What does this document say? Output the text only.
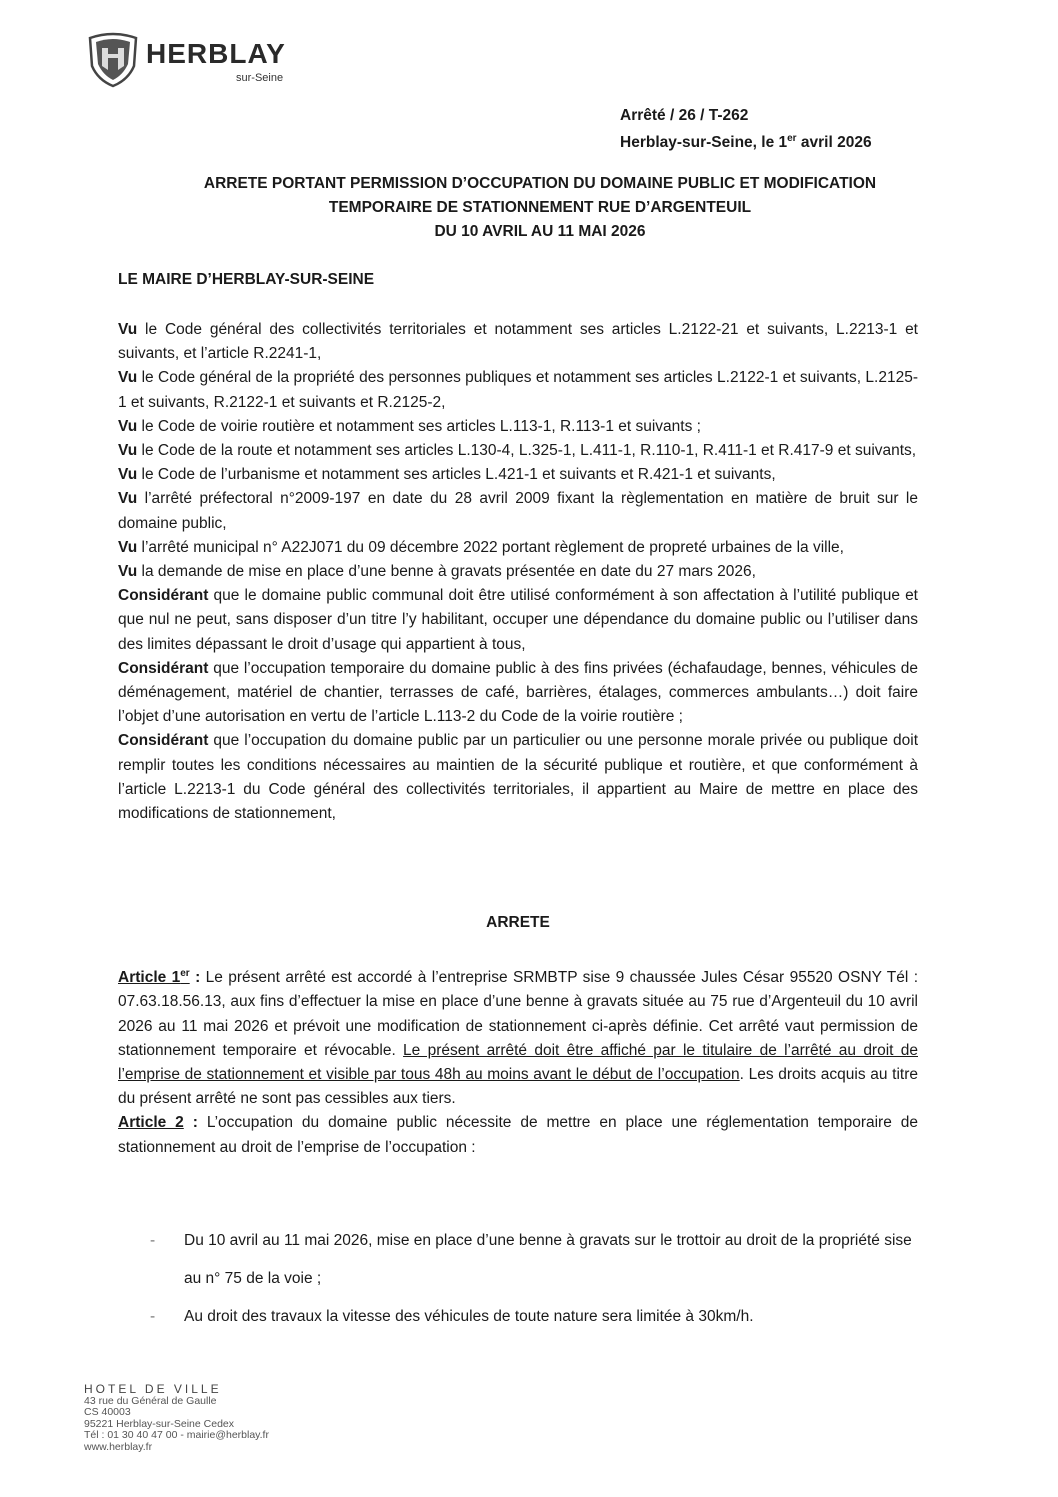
HERBLAY
sur-Seine
Arrêté / 26 / T-262
Herblay-sur-Seine, le 1er avril 2026
ARRETE PORTANT PERMISSION D’OCCUPATION DU DOMAINE PUBLIC ET MODIFICATION
TEMPORAIRE DE STATIONNEMENT RUE D’ARGENTEUIL
DU 10 AVRIL AU 11 MAI 2026
LE MAIRE D’HERBLAY-SUR-SEINE

Vu le Code général des collectivités territoriales et notamment ses articles L.2122-21 et suivants, L.2213-1 et suivants, et l’article R.2241-1,

Vu le Code général de la propriété des personnes publiques et notamment ses articles L.2122-1 et suivants, L.2125-1 et suivants, R.2122-1 et suivants et R.2125-2,

Vu le Code de voirie routière et notamment ses articles L.113-1, R.113-1 et suivants ;

Vu le Code de la route et notamment ses articles L.130-4, L.325-1, L.411-1, R.110-1, R.411-1 et R.417-9 et suivants,

Vu le Code de l’urbanisme et notamment ses articles L.421-1 et suivants et R.421-1 et suivants,

Vu l’arrêté préfectoral n°2009-197 en date du 28 avril 2009 fixant la règlementation en matière de bruit sur le domaine public,

Vu l’arrêté municipal n° A22J071 du 09 décembre 2022 portant règlement de propreté urbaines de la ville,

Vu la demande de mise en place d’une benne à gravats présentée en date du 27 mars 2026,

Considérant que le domaine public communal doit être utilisé conformément à son affectation à l’utilité publique et que nul ne peut, sans disposer d’un titre l’y habilitant, occuper une dépendance du domaine public ou l’utiliser dans des limites dépassant le droit d’usage qui appartient à tous,

Considérant que l’occupation temporaire du domaine public à des fins privées (échafaudage, bennes, véhicules de déménagement, matériel de chantier, terrasses de café, barrières, étalages, commerces ambulants…) doit faire l’objet d’une autorisation en vertu de l’article L.113-2 du Code de la voirie routière ;

Considérant que l’occupation du domaine public par un particulier ou une personne morale privée ou publique doit remplir toutes les conditions nécessaires au maintien de la sécurité publique et routière, et que conformément à l’article L.2213-1 du Code général des collectivités territoriales, il appartient au Maire de mettre en place des modifications de stationnement,

ARRETE

Article 1er : Le présent arrêté est accordé à l’entreprise SRMBTP sise 9 chaussée Jules César 95520 OSNY Tél : 07.63.18.56.13, aux fins d’effectuer la mise en place d’une benne à gravats située au 75 rue d’Argenteuil du 10 avril 2026 au 11 mai 2026 et prévoit une modification de stationnement ci-après définie. Cet arrêté vaut permission de stationnement temporaire et révocable. Le présent arrêté doit être affiché par le titulaire de l’arrêté au droit de l’emprise de stationnement et visible par tous 48h au moins avant le début de l’occupation. Les droits acquis au titre du présent arrêté ne sont pas cessibles aux tiers.

Article 2 : L’occupation du domaine public nécessite de mettre en place une réglementation temporaire de stationnement au droit de l’emprise de l’occupation :

- Du 10 avril au 11 mai 2026, mise en place d’une benne à gravats sur le trottoir au droit de la propriété sise au n° 75 de la voie ;
- Au droit des travaux la vitesse des véhicules de toute nature sera limitée à 30km/h.
HOTEL DE VILLE
43 rue du Général de Gaulle
CS 40003
95221 Herblay-sur-Seine Cedex
Tél : 01 30 40 47 00 - mairie@herblay.fr
www.herblay.fr
